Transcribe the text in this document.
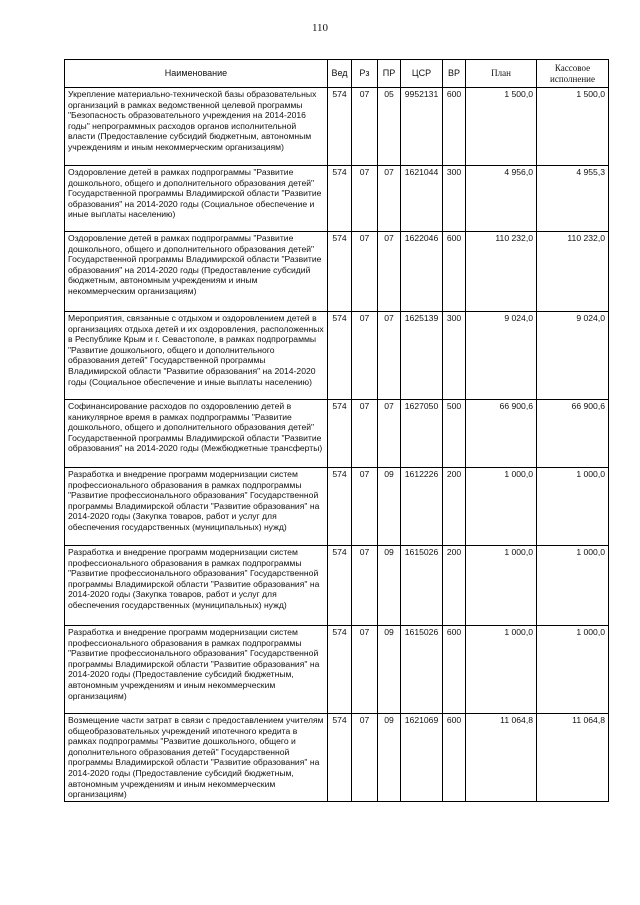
110
Наименование	Вед	Рз	ПР	ЦСР	ВР	План	Кассовое исполнение
Укрепление материально-технической базы образовательных организаций в рамках ведомственной целевой программы "Безопасность образовательного учреждения на 2014-2016 годы" непрограммных расходов органов исполнительной власти (Предоставление субсидий бюджетным, автономным учреждениям и иным некоммерческим организациям)	574	07	05	9952131	600	1 500,0	1 500,0
Оздоровление детей в рамках подпрограммы "Развитие дошкольного, общего и дополнительного образования детей" Государственной программы Владимирской области "Развитие образования" на 2014-2020 годы (Социальное обеспечение и иные выплаты населению)	574	07	07	1621044	300	4 956,0	4 955,3
Оздоровление детей в рамках подпрограммы "Развитие дошкольного, общего и дополнительного образования детей" Государственной программы Владимирской области "Развитие образования" на 2014-2020 годы (Предоставление субсидий бюджетным, автономным учреждениям и иным некоммерческим организациям)	574	07	07	1622046	600	110 232,0	110 232,0
Мероприятия, связанные с отдыхом и оздоровлением детей в организациях отдыха детей и их оздоровления, расположенных в Республике Крым и г. Севастополе, в рамках подпрограммы "Развитие дошкольного, общего и дополнительного образования детей" Государственной программы Владимирской области "Развитие образования" на 2014-2020 годы (Социальное обеспечение и иные выплаты населению)	574	07	07	1625139	300	9 024,0	9 024,0
Софинансирование расходов по оздоровлению детей в каникулярное время в рамках подпрограммы "Развитие дошкольного, общего и дополнительного образования детей" Государственной программы Владимирской области "Развитие образования" на 2014-2020 годы (Межбюджетные трансферты)	574	07	07	1627050	500	66 900,6	66 900,6
Разработка и внедрение программ модернизации систем профессионального образования в рамках подпрограммы "Развитие профессионального образования" Государственной программы Владимирской области "Развитие образования" на 2014-2020 годы (Закупка товаров, работ и услуг для обеспечения государственных (муниципальных) нужд)	574	07	09	1612226	200	1 000,0	1 000,0
Разработка и внедрение программ модернизации систем профессионального образования в рамках подпрограммы "Развитие профессионального образования" Государственной программы Владимирской области "Развитие образования" на 2014-2020 годы (Закупка товаров, работ и услуг для обеспечения государственных (муниципальных) нужд)	574	07	09	1615026	200	1 000,0	1 000,0
Разработка и внедрение программ модернизации систем профессионального образования в рамках подпрограммы "Развитие профессионального образования" Государственной программы Владимирской области "Развитие образования" на 2014-2020 годы (Предоставление субсидий бюджетным, автономным учреждениям и иным некоммерческим организациям)	574	07	09	1615026	600	1 000,0	1 000,0
Возмещение части затрат в связи с предоставлением учителям общеобразовательных учреждений ипотечного кредита в рамках подпрограммы "Развитие дошкольного, общего и дополнительного образования детей" Государственной программы Владимирской области "Развитие образования" на 2014-2020 годы (Предоставление субсидий бюджетным, автономным учреждениям и иным некоммерческим организациям)	574	07	09	1621069	600	11 064,8	11 064,8
